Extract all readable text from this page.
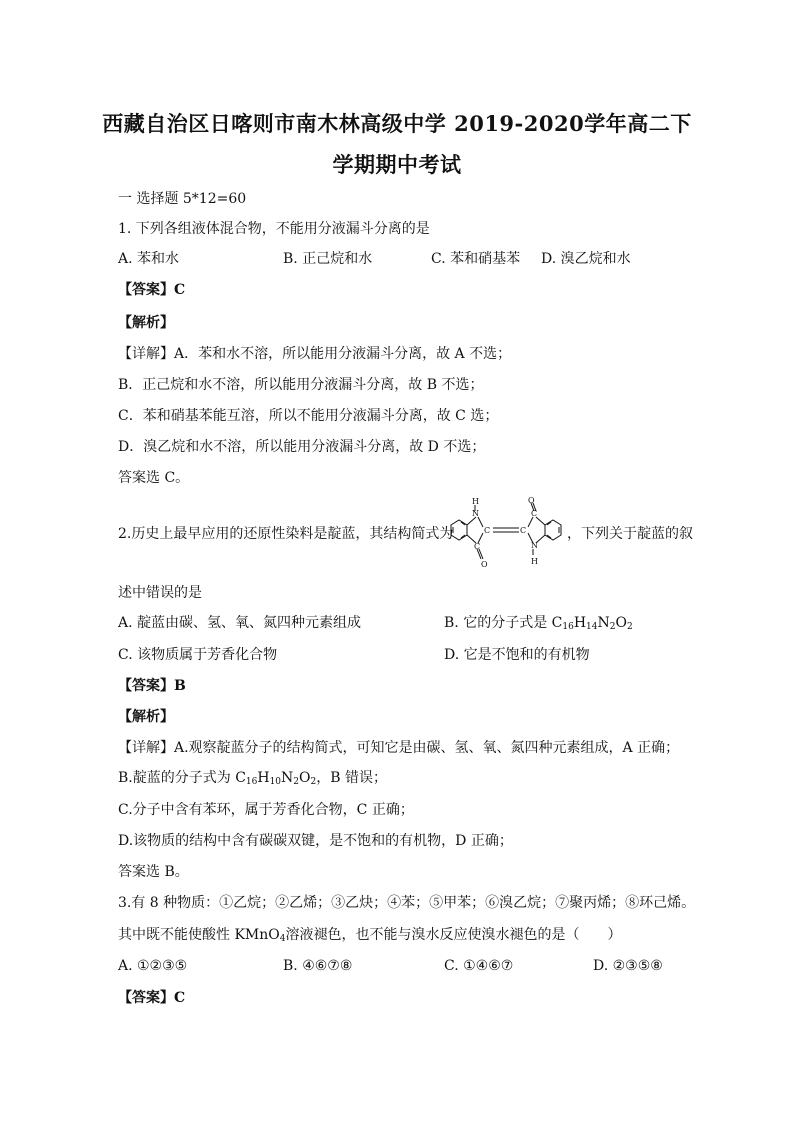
西藏自治区日喀则市南木林高级中学 2019-2020学年高二下
学期期中考试
一 选择题 5*12=60
1. 下列各组液体混合物，不能用分液漏斗分离的是
A. 苯和水	B. 正己烷和水	C. 苯和硝基苯 D. 溴乙烷和水
【答案】C
【解析】
【详解】A．苯和水不溶，所以能用分液漏斗分离，故 A 不选；
B．正己烷和水不溶，所以能用分液漏斗分离，故 B 不选；
C．苯和硝基苯能互溶，所以不能用分液漏斗分离，故 C 选；
D．溴乙烷和水不溶，所以能用分液漏斗分离，故 D 不选；
答案选 C。
2.历史上最早应用的还原性染料是靛蓝，其结构简式为
H
N
C
C
O
C
C
O
N
H
，下列关于靛蓝的叙
述中错误的是
A. 靛蓝由碳、氢、氧、氮四种元素组成	B. 它的分子式是 $C_{16}H_{14}N_2O_2$
C. 该物质属于芳香化合物	D. 它是不饱和的有机物
【答案】B
【解析】
【详解】A.观察靛蓝分子的结构简式，可知它是由碳、氢、氧、氮四种元素组成，A 正确；
B.靛蓝的分子式为 $C_{16}H_{10}N_2O_2$，B 错误；
C.分子中含有苯环，属于芳香化合物，C 正确；
D.该物质的结构中含有碳碳双键，是不饱和的有机物，D 正确；
答案选 B。
3.有 8 种物质：①乙烷；②乙烯；③乙炔；④苯；⑤甲苯；⑥溴乙烷；⑦聚丙烯；⑧环己烯。
其中既不能使酸性 KMnO$_4$溶液褪色，也不能与溴水反应使溴水褪色的是（　　）
A. ①②③⑤	B. ④⑥⑦⑧	C. ①④⑥⑦	D. ②③⑤⑧
【答案】C
